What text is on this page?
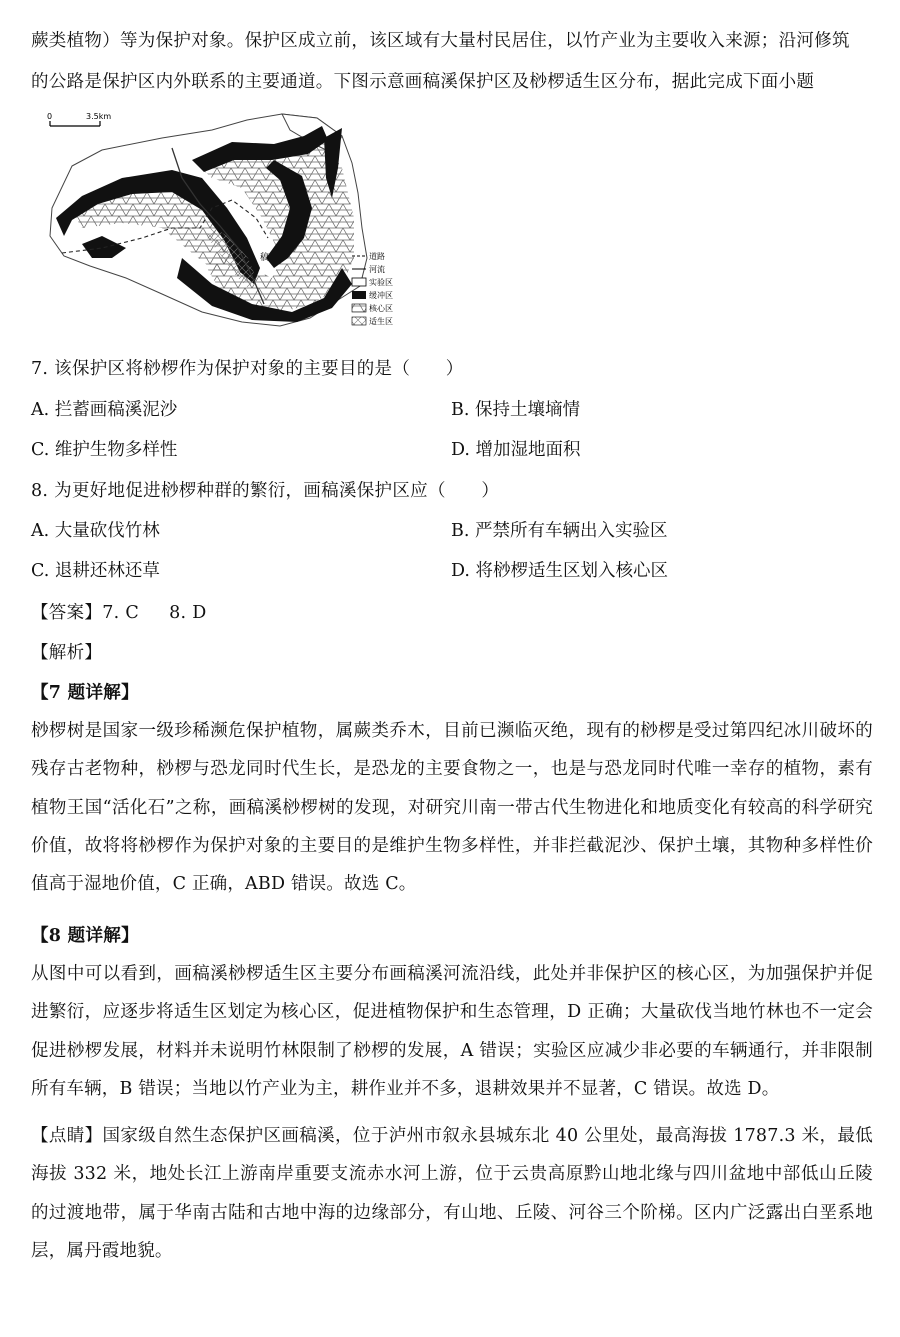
蕨类植物）等为保护对象。保护区成立前，该区域有大量村民居住，以竹产业为主要收入来源；沿河修筑
的公路是保护区内外联系的主要通道。下图示意画稿溪保护区及桫椤适生区分布，据此完成下面小题
0	3.5km
稿	道路
河流
实验区
缓冲区
核心区
适生区
7. 该保护区将桫椤作为保护对象的主要目的是（　　）
A. 拦蓄画稿溪泥沙	B. 保持土壤墒情
C. 维护生物多样性	D. 增加湿地面积
8. 为更好地促进桫椤种群的繁衍，画稿溪保护区应（　　）
A. 大量砍伐竹林	B. 严禁所有车辆出入实验区
C. 退耕还林还草	D. 将桫椤适生区划入核心区
【答案】7. C 8. D
【解析】
【7 题详解】
桫椤树是国家一级珍稀濒危保护植物，属蕨类乔木，目前已濒临灭绝，现有的桫椤是受过第四纪冰川破坏的残存古老物种，桫椤与恐龙同时代生长，是恐龙的主要食物之一，也是与恐龙同时代唯一幸存的植物，素有植物王国“活化石”之称，画稿溪桫椤树的发现，对研究川南一带古代生物进化和地质变化有较高的科学研究价值，故将将桫椤作为保护对象的主要目的是维护生物多样性，并非拦截泥沙、保护土壤，其物种多样性价值高于湿地价值，C 正确，ABD 错误。故选 C。
【8 题详解】
从图中可以看到，画稿溪桫椤适生区主要分布画稿溪河流沿线，此处并非保护区的核心区，为加强保护并促进繁衍，应逐步将适生区划定为核心区，促进植物保护和生态管理，D 正确；大量砍伐当地竹林也不一定会促进桫椤发展，材料并未说明竹林限制了桫椤的发展，A 错误；实验区应减少非必要的车辆通行，并非限制所有车辆，B 错误；当地以竹产业为主，耕作业并不多，退耕效果并不显著，C 错误。故选 D。
【点睛】国家级自然生态保护区画稿溪，位于泸州市叙永县城东北 40 公里处，最高海拔 1787.3 米，最低海拔 332 米，地处长江上游南岸重要支流赤水河上游，位于云贵高原黔山地北缘与四川盆地中部低山丘陵的过渡地带，属于华南古陆和古地中海的边缘部分，有山地、丘陵、河谷三个阶梯。区内广泛露出白垩系地层，属丹霞地貌。
